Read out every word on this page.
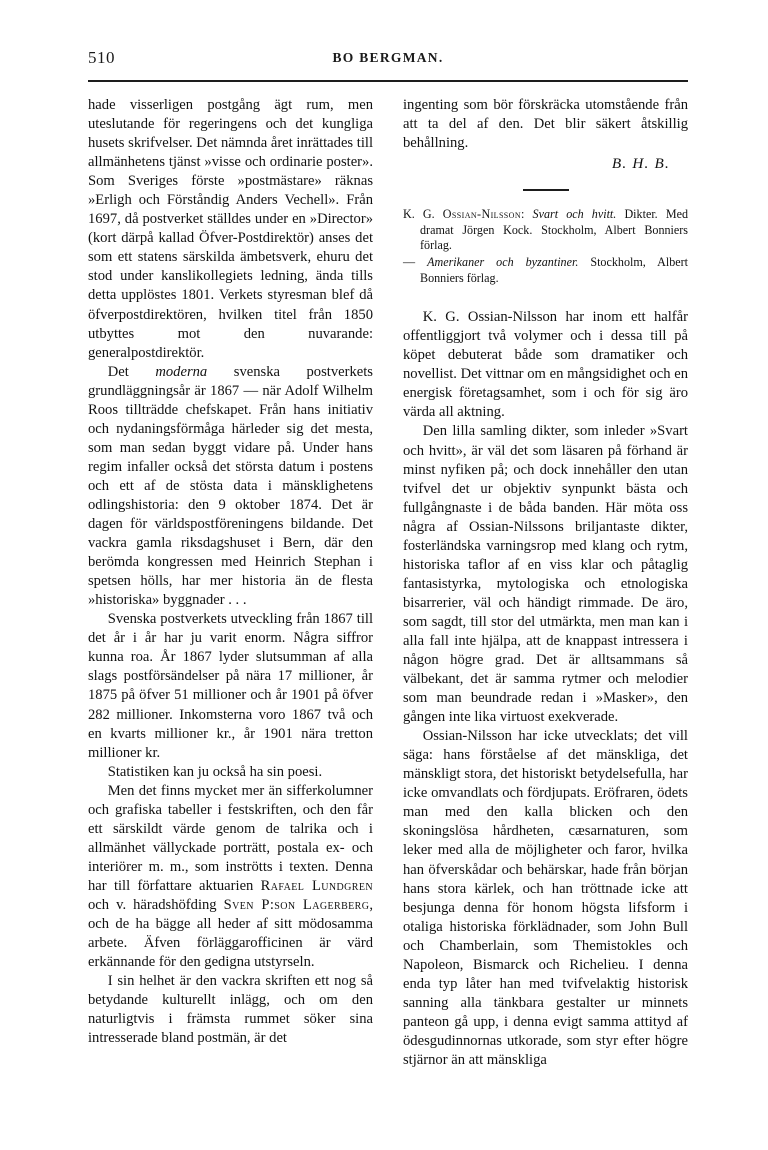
510	BO BERGMAN.

hade visserligen postgång ägt rum, men uteslutande för regeringens och det kungliga husets skrifvelser. Det nämnda året inrättades till allmänhetens tjänst »visse och ordinarie poster». Som Sveriges förste »postmästare» räknas »Erligh och Förståndig Anders Vechell». Från 1697, då postverket ställdes under en »Director» (kort därpå kallad Öfver-Postdirektör) anses det som ett statens särskilda ämbetsverk, ehuru det stod under kanslikollegiets ledning, ända tills detta upplöstes 1801. Verkets styresman blef då öfverpostdirektören, hvilken titel från 1850 utbyttes mot den nuvarande: generalpostdirektör.

Det moderna svenska postverkets grundläggningsår är 1867 — när Adolf Wilhelm Roos tillträdde chefskapet. Från hans initiativ och nydaningsförmåga härleder sig det mesta, som man sedan byggt vidare på. Under hans regim infaller också det största datum i postens och ett af de stösta data i mänsklighetens odlingshistoria: den 9 oktober 1874. Det är dagen för världspostföreningens bildande. Det vackra gamla riksdagshuset i Bern, där den berömda kongressen med Heinrich Stephan i spetsen hölls, har mer historia än de flesta »historiska» byggnader . . .

Svenska postverkets utveckling från 1867 till det år i år har ju varit enorm. Några siffror kunna roa. År 1867 lyder slutsumman af alla slags postförsändelser på nära 17 millioner, år 1875 på öfver 51 millioner och år 1901 på öfver 282 millioner. Inkomsterna voro 1867 två och en kvarts millioner kr., år 1901 nära tretton millioner kr.

Statistiken kan ju också ha sin poesi.

Men det finns mycket mer än sifferkolumner och grafiska tabeller i festskriften, och den får ett särskildt värde genom de talrika och i allmänhet vällyckade porträtt, postala ex- och interiörer m. m., som inströtts i texten. Denna har till författare aktuarien Rafael Lundgren och v. häradshöfding Sven P:son Lagerberg, och de ha bägge all heder af sitt mödosamma arbete. Äfven förläggarofficinen är värd erkännande för den gedigna utstyrseln.

I sin helhet är den vackra skriften ett nog så betydande kulturellt inlägg, och om den naturligtvis i främsta rummet söker sina intresserade bland postmän, är det

ingenting som bör förskräcka utomstående från att ta del af den. Det blir säkert åtskillig behållning.

B. H. B.

K. G. Ossian-Nilsson: Svart och hvitt. Dikter. Med dramat Jörgen Kock. Stockholm, Albert Bonniers förlag.

— Amerikaner och byzantiner. Stockholm, Albert Bonniers förlag.

K. G. Ossian-Nilsson har inom ett halfår offentliggjort två volymer och i dessa till på köpet debuterat både som dramatiker och novellist. Det vittnar om en mångsidighet och en energisk företagsamhet, som i och för sig äro värda all aktning.

Den lilla samling dikter, som inleder »Svart och hvitt», är väl det som läsaren på förhand är minst nyfiken på; och dock innehåller den utan tvifvel det ur objektiv synpunkt bästa och fullgångnaste i de båda banden. Här möta oss några af Ossian-Nilssons briljantaste dikter, fosterländska varningsrop med klang och rytm, historiska taflor af en viss klar och påtaglig fantasistyrka, mytologiska och etnologiska bisarrerier, väl och händigt rimmade. De äro, som sagdt, till stor del utmärkta, men man kan i alla fall inte hjälpa, att de knappast intressera i någon högre grad. Det är alltsammans så välbekant, det är samma rytmer och melodier som man beundrade redan i »Masker», den gången inte lika virtuost exekverade.

Ossian-Nilsson har icke utvecklats; det vill säga: hans förståelse af det mänskliga, det mänskligt stora, det historiskt betydelsefulla, har icke omvandlats och fördjupats. Eröfraren, ödets man med den kalla blicken och den skoningslösa hårdheten, cæsarnaturen, som leker med alla de möjligheter och faror, hvilka han öfverskådar och behärskar, hade från början hans stora kärlek, och han tröttnade icke att besjunga denna för honom högsta lifsform i otaliga historiska förklädnader, som John Bull och Chamberlain, som Themistokles och Napoleon, Bismarck och Richelieu. I denna enda typ låter han med tvifvelaktig historisk sanning alla tänkbara gestalter ur minnets panteon gå upp, i denna evigt samma attityd af ödesgudinnornas utkorade, som styr efter högre stjärnor än att mänskliga
